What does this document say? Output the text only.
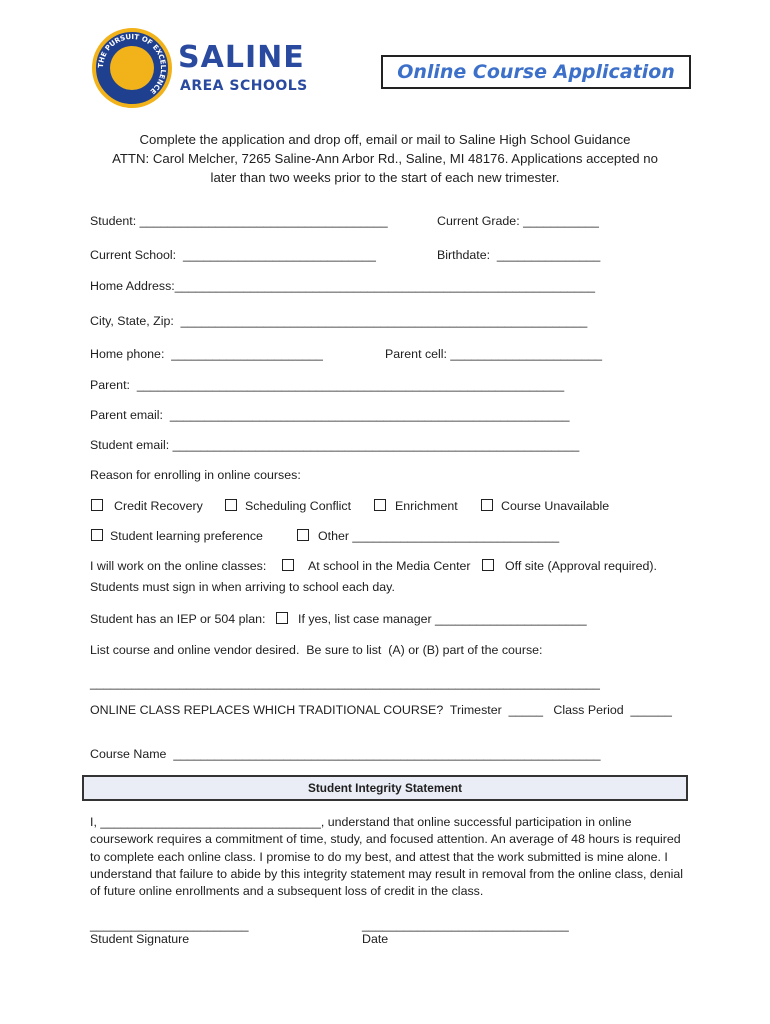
THE PURSUIT OF EXCELLENCE
SALINE
AREA SCHOOLS
Online Course Application
Complete the application and drop off, email or mail to Saline High School Guidance
ATTN: Carol Melcher, 7265 Saline-Ann Arbor Rd., Saline, MI 48176. Applications accepted no
later than two weeks prior to the start of each new trimester.
Student: ____________________________________	Current Grade: ___________
Current School:  ____________________________	Birthdate:  _______________
Home Address:_____________________________________________________________
City, State, Zip:  ___________________________________________________________
Home phone:  ______________________	Parent cell: ______________________
Parent:  ______________________________________________________________
Parent email:  __________________________________________________________
Student email: ___________________________________________________________
Reason for enrolling in online courses:
Credit Recovery	Scheduling Conflict	Enrichment	Course Unavailable
Student learning preference	Other ______________________________
I will work on the online classes:	At school in the Media Center	Off site (Approval required).
Students must sign in when arriving to school each day.
Student has an IEP or 504 plan:	If yes, list case manager ______________________
List course and online vendor desired.  Be sure to list  (A) or (B) part of the course:
__________________________________________________________________________
ONLINE CLASS REPLACES WHICH TRADITIONAL COURSE?  Trimester  _____   Class Period  ______
Course Name  ______________________________________________________________
Student Integrity Statement
I, ________________________________, understand that online successful participation in online coursework requires a commitment of time, study, and focused attention. An average of 48 hours is required to complete each online class. I promise to do my best, and attest that the work submitted is mine alone. I understand that failure to abide by this integrity statement may result in removal from the online class, denial of future online enrollments and a subsequent loss of credit in the class.
_______________________
Student Signature
______________________________
Date
